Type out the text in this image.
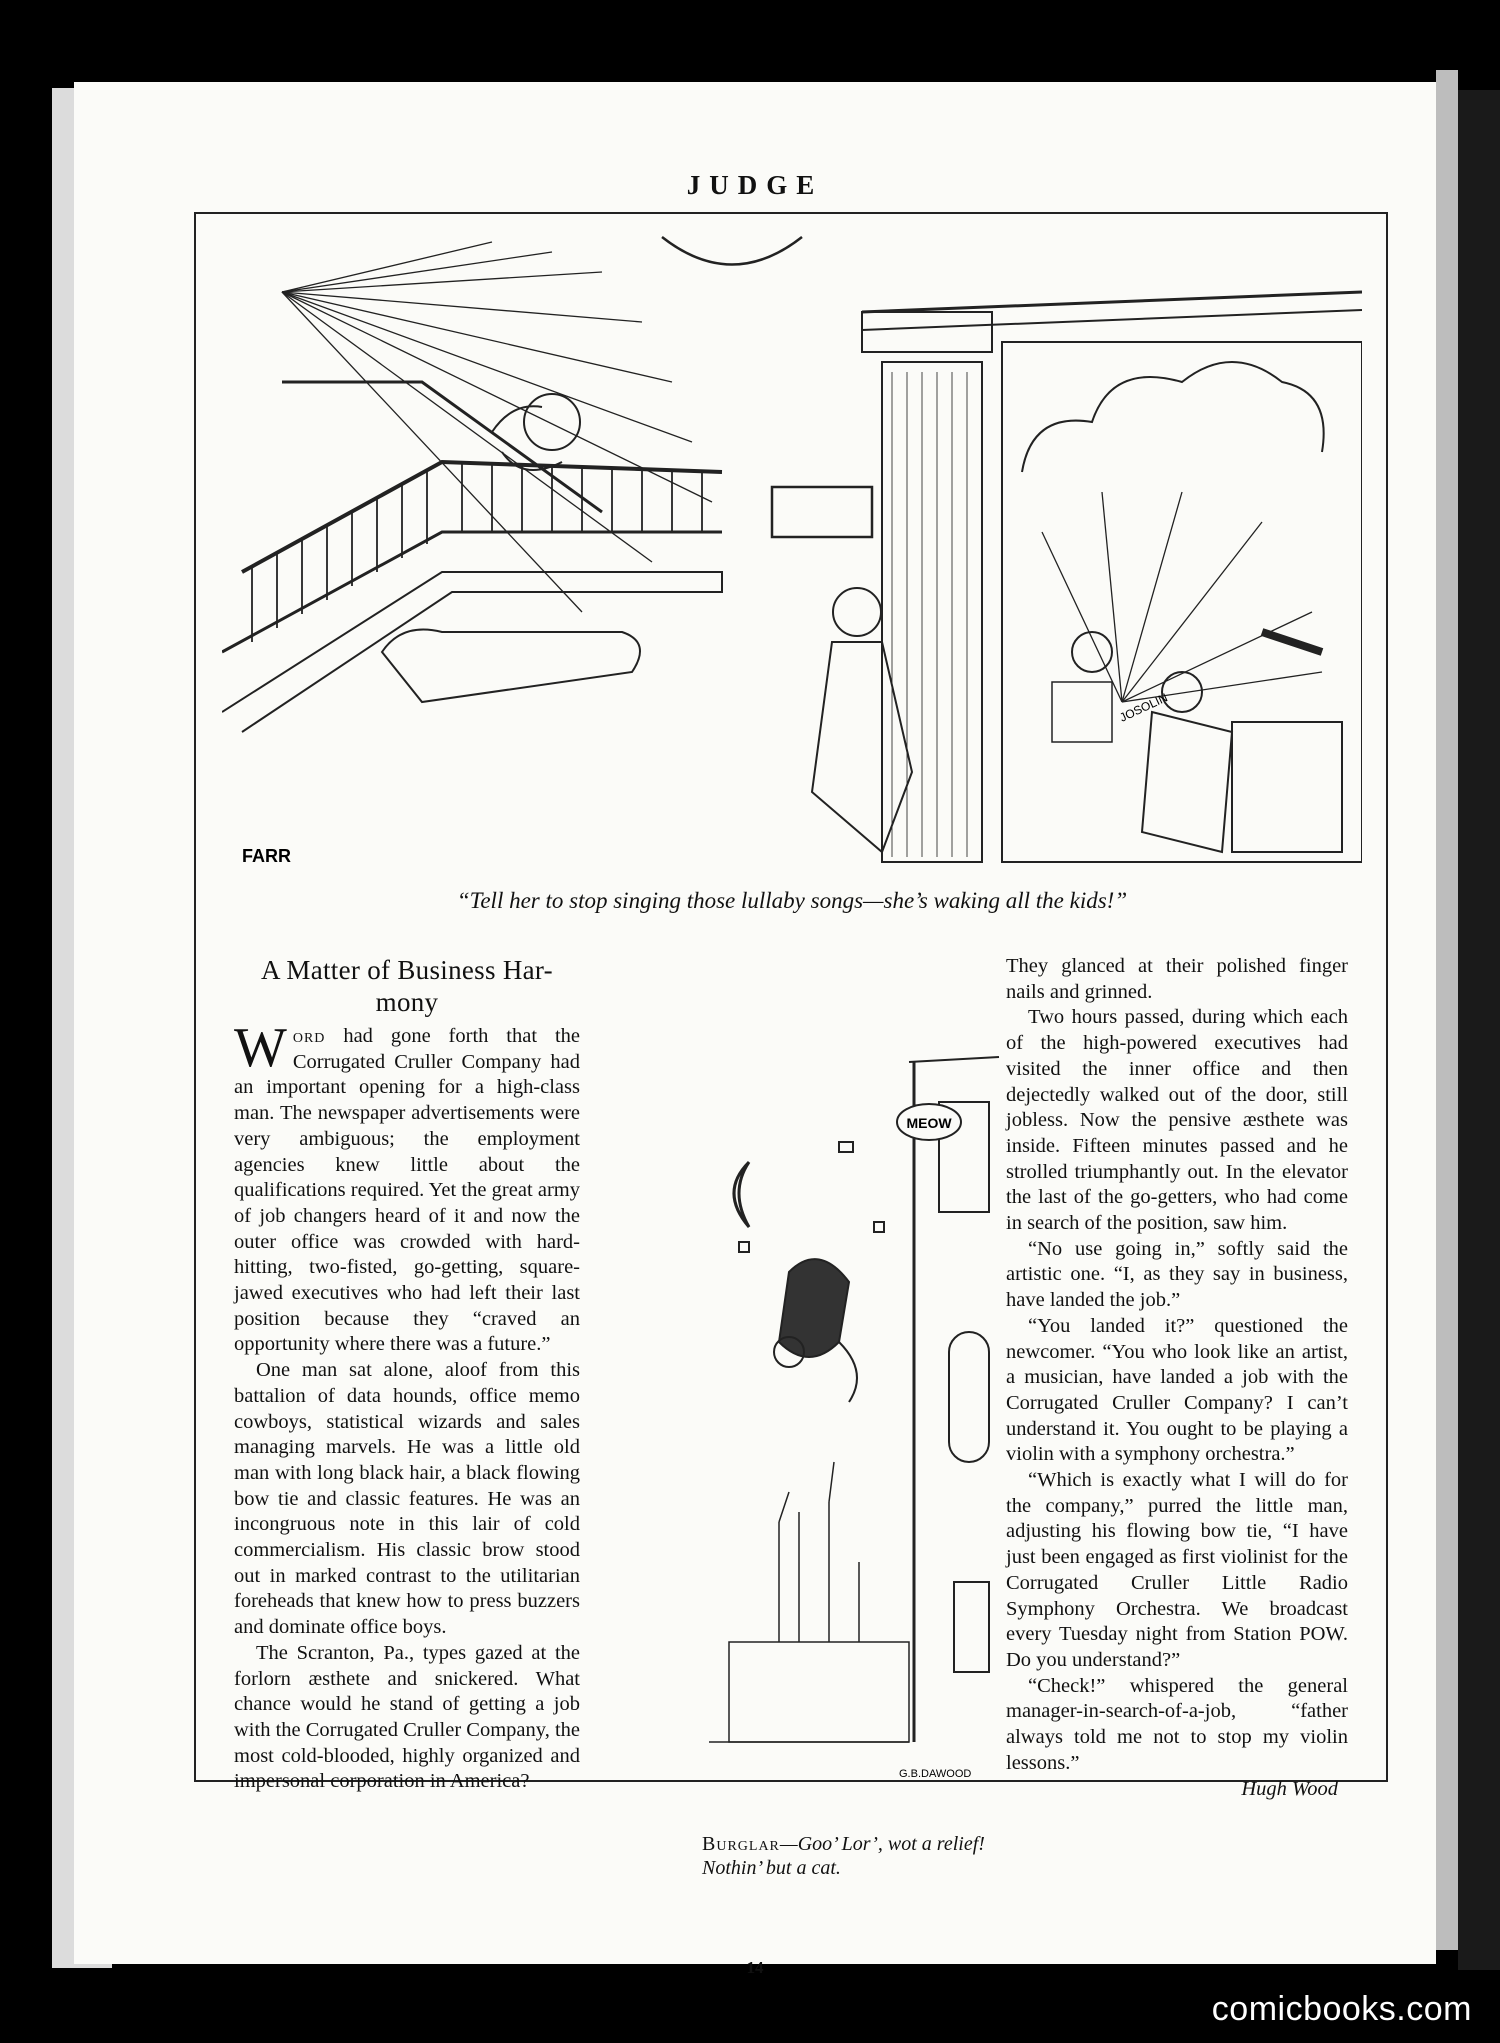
JUDGE
JOSOLIN
FARR
“Tell her to stop singing those lullaby songs—she’s waking all the kids!”
A Matter of Business Har-
mony

Word had gone forth that the Corrugated Cruller Company had an important opening for a high-class man. The newspaper advertisements were very ambiguous; the employment agencies knew little about the qualifications required. Yet the great army of job changers heard of it and now the outer office was crowded with hard-hitting, two-fisted, go-getting, square-jawed executives who had left their last position because they “craved an opportunity where there was a future.”

One man sat alone, aloof from this battalion of data hounds, office memo cowboys, statistical wizards and sales managing marvels. He was a little old man with long black hair, a black flowing bow tie and classic features. He was an incongruous note in this lair of cold commercialism. His classic brow stood out in marked contrast to the utilitarian foreheads that knew how to press buzzers and dominate office boys.

The Scranton, Pa., types gazed at the forlorn æsthete and snickered. What chance would he stand of getting a job with the Corrugated Cruller Company, the most cold-blooded, highly organized and impersonal corporation in America?

MEOW
G.B.DAWOOD
Burglar—Goo’ Lor’, wot a relief! Nothin’ but a cat.

They glanced at their polished finger nails and grinned.

Two hours passed, during which each of the high-powered executives had visited the inner office and then dejectedly walked out of the door, still jobless. Now the pensive æsthete was inside. Fifteen minutes passed and he strolled triumphantly out. In the elevator the last of the go-getters, who had come in search of the position, saw him.

“No use going in,” softly said the artistic one. “I, as they say in business, have landed the job.”

“You landed it?” questioned the newcomer. “You who look like an artist, a musician, have landed a job with the Corrugated Cruller Company? I can’t understand it. You ought to be playing a violin with a symphony orchestra.”

“Which is exactly what I will do for the company,” purred the little man, adjusting his flowing bow tie, “I have just been engaged as first violinist for the Corrugated Cruller Little Radio Symphony Orchestra. We broadcast every Tuesday night from Station POW. Do you understand?”

“Check!” whispered the general manager-in-search-of-a-job, “father always told me not to stop my violin lessons.”

Hugh Wood
14
comicbooks.com
